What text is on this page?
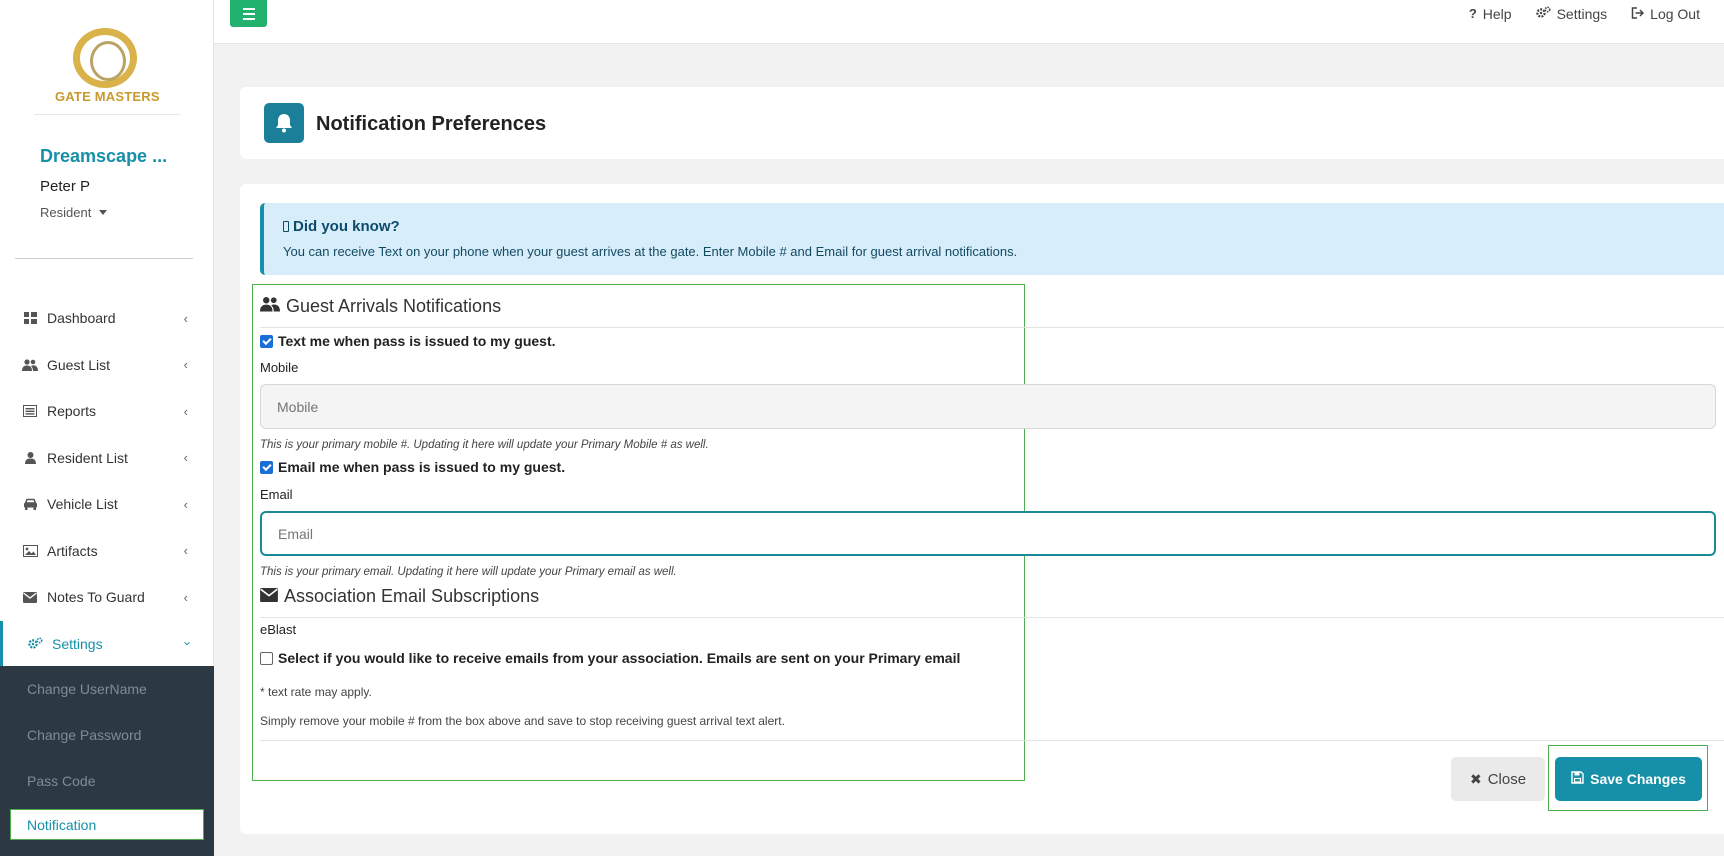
GATE MASTERS
Dreamscape ...
Peter P
Resident
Dashboard	‹
Guest List	‹
Reports	‹
Resident List	‹
Vehicle List	‹
Artifacts	‹
Notes To Guard	‹
Settings	‹
Change UserName
Change Password
Pass Code
Notification
? Help	Settings	Log Out
Notification Preferences
Did you know?
You can receive Text on your phone when your guest arrives at the gate. Enter Mobile # and Email for guest arrival notifications.
Guest Arrivals Notifications
Text me when pass is issued to my guest.
Mobile
Mobile
This is your primary mobile #. Updating it here will update your Primary Mobile # as well.
Email me when pass is issued to my guest.
Email
Email
This is your primary email. Updating it here will update your Primary email as well.
Association Email Subscriptions
eBlast
Select if you would like to receive emails from your association. Emails are sent on your Primary email
* text rate may apply.
Simply remove your mobile # from the box above and save to stop receiving guest arrival text alert.
✖ Close	Save Changes
